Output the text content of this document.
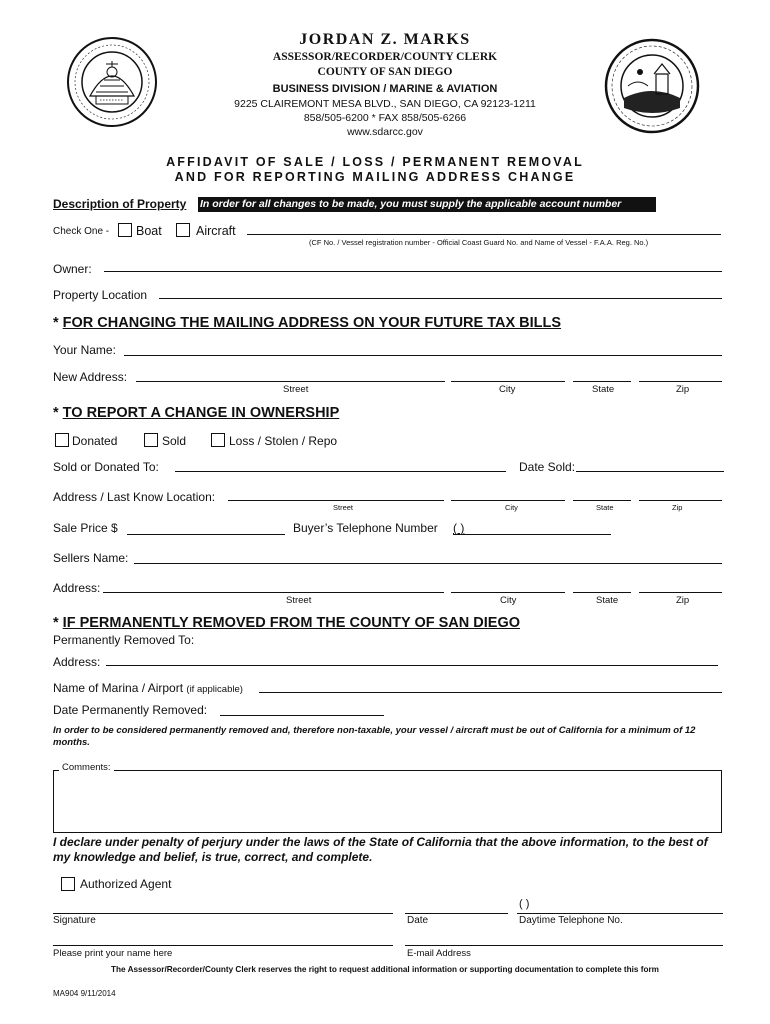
JORDAN Z. MARKS
ASSESSOR/RECORDER/COUNTY CLERK
COUNTY OF SAN DIEGO
BUSINESS DIVISION / MARINE & AVIATION
9225 CLAIREMONT MESA BLVD., SAN DIEGO, CA 92123-1211
858/505-6200 * FAX 858/505-6266
www.sdarcc.gov
AFFIDAVIT OF SALE / LOSS / PERMANENT REMOVAL
AND FOR REPORTING MAILING ADDRESS CHANGE
Description of Property In order for all changes to be made, you must supply the applicable account number
Check One - Boat	Aircraft
(CF No. / Vessel registration number - Official Coast Guard No. and Name of Vessel - F.A.A. Reg. No.)
Owner:
Property Location
* FOR CHANGING THE MAILING ADDRESS ON YOUR FUTURE TAX BILLS
Your Name:
New Address:
Street	City	State	Zip
* TO REPORT A CHANGE IN OWNERSHIP
Donated	Sold	Loss / Stolen / Repo
Sold or Donated To:	Date Sold:
Address / Last Know Location:
Street	City	State	Zip
Sale Price $	Buyer’s Telephone Number ( )
Sellers Name:
Address:
Street	City	State	Zip
* IF PERMANENTLY REMOVED FROM THE COUNTY OF SAN DIEGO
Permanently Removed To:
Address:
Name of Marina / Airport (if applicable)
Date Permanently Removed:
In order to be considered permanently removed and, therefore non-taxable, your vessel / aircraft must be out of California for a minimum of 12 months.
Comments:
I declare under penalty of perjury under the laws of the State of California that the above information, to the best of my knowledge and belief, is true, correct, and complete.
Authorized Agent
( )
Signature	Date	Daytime Telephone No.
Please print your name here	E-mail Address
The Assessor/Recorder/County Clerk reserves the right to request additional information or supporting documentation to complete this form
MA904 9/11/2014
